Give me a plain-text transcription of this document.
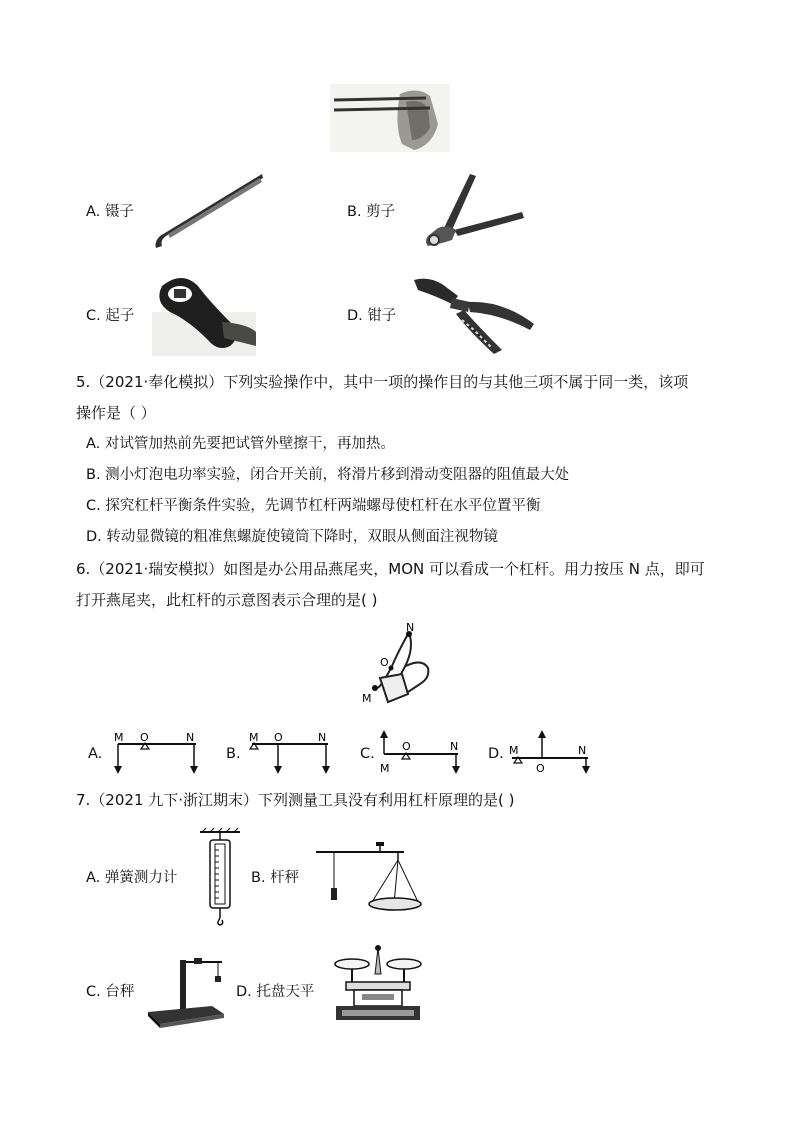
A. 镊子	B. 剪子
C. 起子	D. 钳子
5.（2021·奉化模拟）下列实验操作中，其中一项的操作目的与其他三项不属于同一类，该项
操作是（ ）
A. 对试管加热前先要把试管外壁擦干，再加热。
B. 测小灯泡电功率实验，闭合开关前，将滑片移到滑动变阻器的阻值最大处
C. 探究杠杆平衡条件实验，先调节杠杆两端螺母使杠杆在水平位置平衡
D. 转动显微镜的粗准焦螺旋使镜筒下降时，双眼从侧面注视物镜
6.（2021·瑞安模拟）如图是办公用品燕尾夹，MON 可以看成一个杠杆。用力按压 N 点，即可
打开燕尾夹，此杠杆的示意图表示合理的是( )
N
O
M
A.
M O	N
B.
M O	N
C.
M
O	N D. M
O
N
7.（2021 九下·浙江期末）下列测量工具没有利用杠杆原理的是( )
A. 弹簧测力计	B. 杆秤
C. 台秤	D. 托盘天平
